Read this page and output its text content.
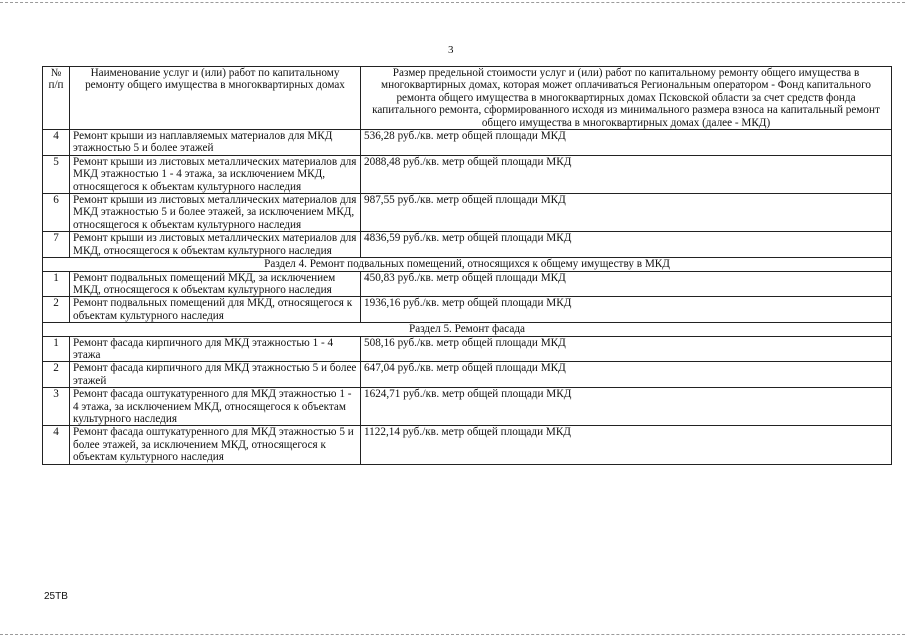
3
№ п/п	Наименование услуг и (или) работ по капитальному ремонту общего имущества в многоквартирных домах	Размер предельной стоимости услуг и (или) работ по капитальному ремонту общего имущества в многоквартирных домах, которая может оплачиваться Региональным оператором - Фонд капитального ремонта общего имущества в многоквартирных домах Псковской области за счет средств фонда капитального ремонта, сформированного исходя из минимального размера взноса на капитальный ремонт общего имущества в многоквартирных домах (далее - МКД)
4	Ремонт крыши из наплавляемых материалов для МКД этажностью 5 и более этажей	536,28 руб./кв. метр общей площади МКД
5	Ремонт крыши из листовых металлических материалов для МКД этажностью 1 - 4 этажа, за исключением МКД, относящегося к объектам культурного наследия	2088,48 руб./кв. метр общей площади МКД
6	Ремонт крыши из листовых металлических материалов для МКД этажностью 5 и более этажей, за исключением МКД, относящегося к объектам культурного наследия	987,55 руб./кв. метр общей площади МКД
7	Ремонт крыши из листовых металлических материалов для МКД, относящегося к объектам культурного наследия	4836,59 руб./кв. метр общей площади МКД
Раздел 4. Ремонт подвальных помещений, относящихся к общему имуществу в МКД		
1	Ремонт подвальных помещений МКД, за исключением МКД, относящегося к объектам культурного наследия	450,83 руб./кв. метр общей площади МКД
2	Ремонт подвальных помещений для МКД, относящегося к объектам культурного наследия	1936,16 руб./кв. метр общей площади МКД
Раздел 5. Ремонт фасада		
1	Ремонт фасада кирпичного для МКД этажностью 1 - 4 этажа	508,16 руб./кв. метр общей площади МКД
2	Ремонт фасада кирпичного для МКД этажностью 5 и более этажей	647,04 руб./кв. метр общей площади МКД
3	Ремонт фасада оштукатуренного для МКД этажностью 1 - 4 этажа, за исключением МКД, относящегося к объектам культурного наследия	1624,71 руб./кв. метр общей площади МКД
4	Ремонт фасада оштукатуренного для МКД этажностью 5 и более этажей, за исключением МКД, относящегося к объектам культурного наследия	1122,14 руб./кв. метр общей площади МКД
25ТВ
